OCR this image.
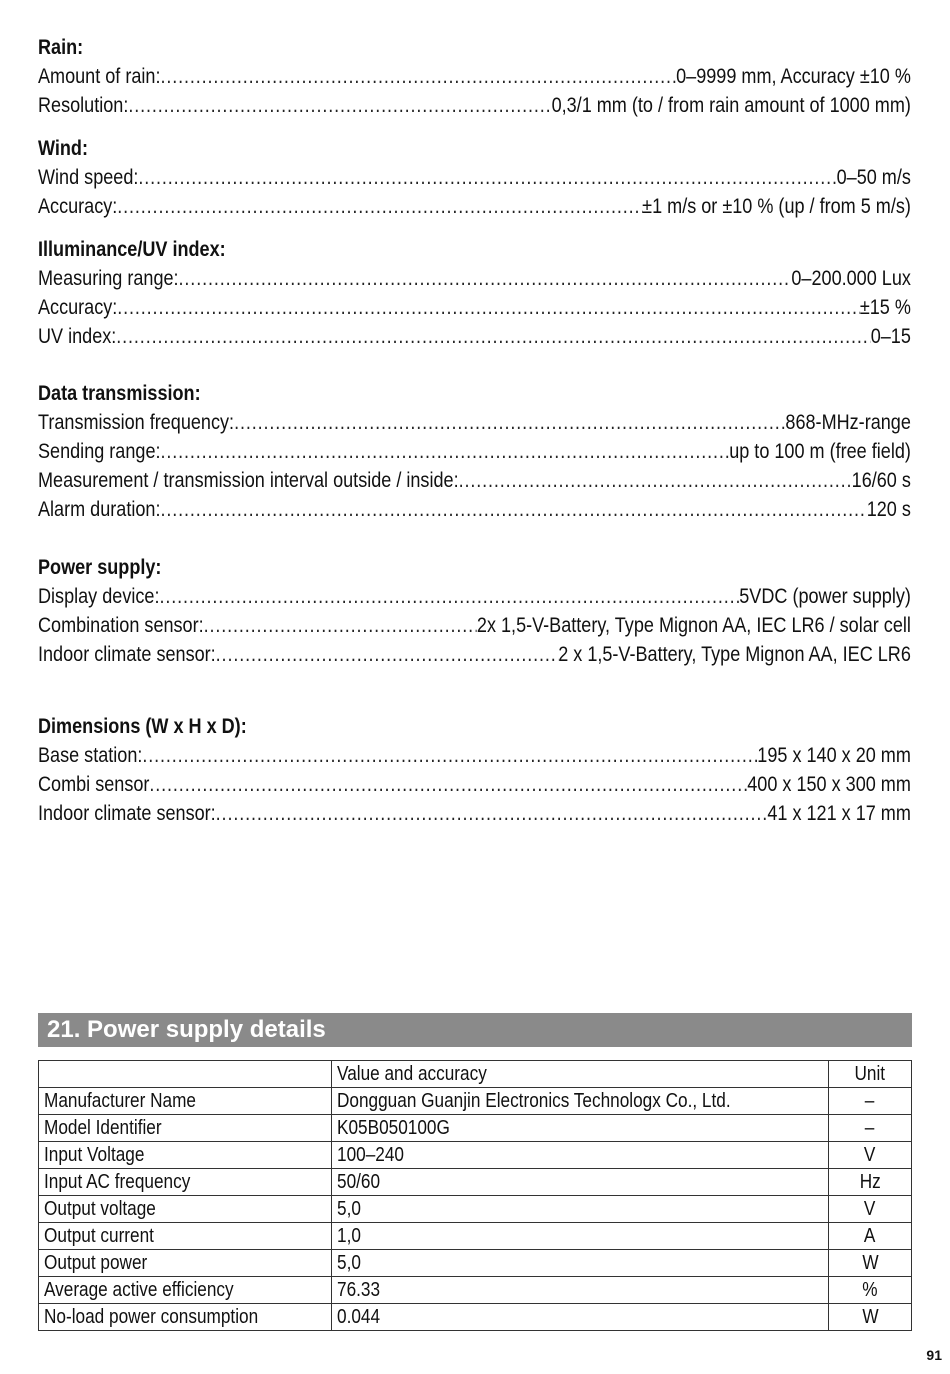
Rain:
Amount of rain: .....	0–9999 mm, Accuracy ±10 %
Resolution: .....	0,3/1 mm (to / from rain amount of 1000 mm)
Wind:
Wind speed: .....	0–50 m/s
Accuracy: .....	±1 m/s or ±10 % (up / from 5 m/s)
Illuminance/UV index:
Measuring range: .....	0–200.000 Lux
Accuracy: .....	±15 %
UV index: .....	0–15
Data transmission:
Transmission frequency: .....	868-MHz-range
Sending range: .....	up to 100 m (free field)
Measurement / transmission interval outside / inside: .....	16/60 s
Alarm duration: .....	120 s
Power supply:
Display device: .....	5VDC (power supply)
Combination sensor: .....	2x 1,5-V-Battery, Type Mignon AA, IEC LR6 / solar cell
Indoor climate sensor: .....	2 x 1,5-V-Battery, Type Mignon AA, IEC LR6
Dimensions (W x H x D):
Base station: .....	195 x 140 x 20 mm
Combi sensor .....	400 x 150 x 300 mm
Indoor climate sensor: .....	41 x 121 x 17 mm
21. Power supply details
	Value and accuracy	Unit
Manufacturer Name	Dongguan Guanjin Electronics Technologx Co., Ltd.	–
Model Identifier	K05B050100G	–
Input Voltage	100–240	V
Input AC frequency	50/60	Hz
Output voltage	5,0	V
Output current	1,0	A
Output power	5,0	W
Average active efficiency	76.33	%
No-load power consumption	0.044	W
91
